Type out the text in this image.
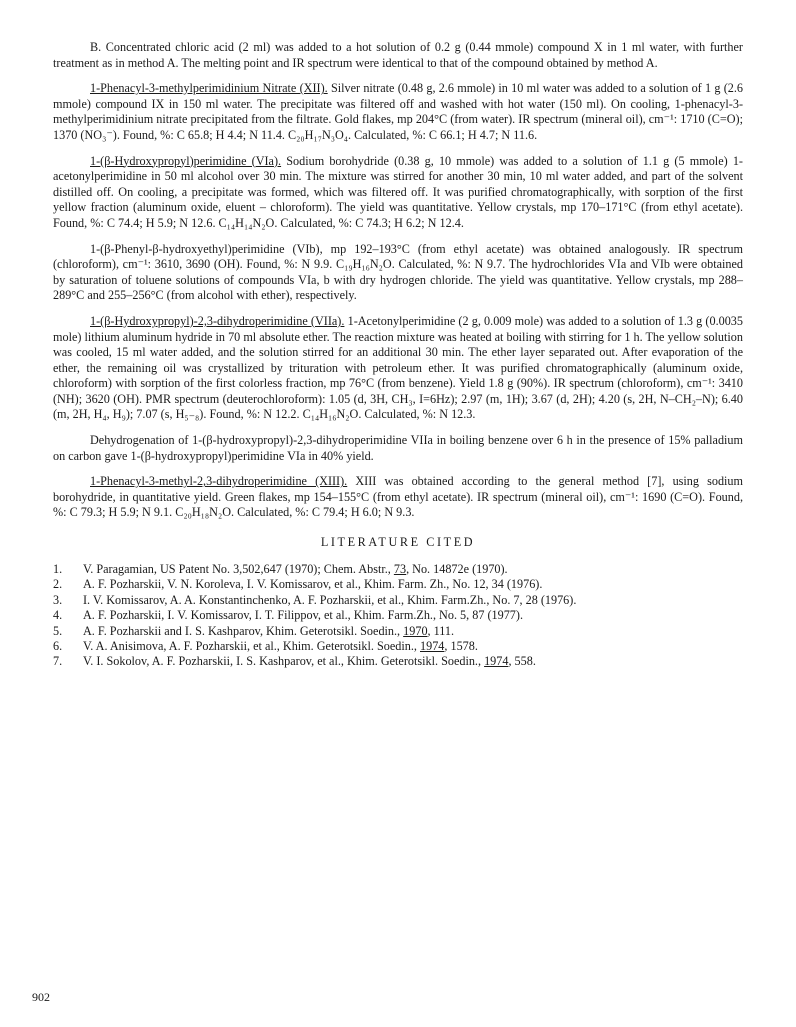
B. Concentrated chloric acid (2 ml) was added to a hot solution of 0.2 g (0.44 mmole) compound X in 1 ml water, with further treatment as in method A. The melting point and IR spectrum were identical to that of the compound obtained by method A.

1-Phenacyl-3-methylperimidinium Nitrate (XII). Silver nitrate (0.48 g, 2.6 mmole) in 10 ml water was added to a solution of 1 g (2.6 mmole) compound IX in 150 ml water. The precipitate was filtered off and washed with hot water (150 ml). On cooling, 1-phenacyl-3-methylperimidinium nitrate precipitated from the filtrate. Gold flakes, mp 204°C (from water). IR spectrum (mineral oil), cm⁻¹: 1710 (C=O); 1370 (NO₃⁻). Found, %: C 65.8; H 4.4; N 11.4. C₂₀H₁₇N₃O₄. Calculated, %: C 66.1; H 4.7; N 11.6.

1-(β-Hydroxypropyl)perimidine (VIa). Sodium borohydride (0.38 g, 10 mmole) was added to a solution of 1.1 g (5 mmole) 1-acetonylperimidine in 50 ml alcohol over 30 min. The mixture was stirred for another 30 min, 10 ml water added, and part of the solvent distilled off. On cooling, a precipitate was formed, which was filtered off. It was purified chromatographically, with sorption of the first yellow fraction (aluminum oxide, eluent – chloroform). The yield was quantitative. Yellow crystals, mp 170–171°C (from ethyl acetate). Found, %: C 74.4; H 5.9; N 12.6. C₁₄H₁₄N₂O. Calculated, %: C 74.3; H 6.2; N 12.4.

1-(β-Phenyl-β-hydroxyethyl)perimidine (VIb), mp 192–193°C (from ethyl acetate) was obtained analogously. IR spectrum (chloroform), cm⁻¹: 3610, 3690 (OH). Found, %: N 9.9. C₁₉H₁₆N₂O. Calculated, %: N 9.7. The hydrochlorides VIa and VIb were obtained by saturation of toluene solutions of compounds VIa, b with dry hydrogen chloride. The yield was quantitative. Yellow crystals, mp 288–289°C and 255–256°C (from alcohol with ether), respectively.

1-(β-Hydroxypropyl)-2,3-dihydroperimidine (VIIa). 1-Acetonylperimidine (2 g, 0.009 mole) was added to a solution of 1.3 g (0.0035 mole) lithium aluminum hydride in 70 ml absolute ether. The reaction mixture was heated at boiling with stirring for 1 h. The yellow solution was cooled, 15 ml water added, and the solution stirred for an additional 30 min. The ether layer separated out. After evaporation of the ether, the remaining oil was crystallized by trituration with petroleum ether. It was purified chromatographically (aluminum oxide, chloroform) with sorption of the first colorless fraction, mp 76°C (from benzene). Yield 1.8 g (90%). IR spectrum (chloroform), cm⁻¹: 3410 (NH); 3620 (OH). PMR spectrum (deuterochloroform): 1.05 (d, 3H, CH₃, I=6Hz); 2.97 (m, 1H); 3.67 (d, 2H); 4.20 (s, 2H, N–CH₂–N); 6.40 (m, 2H, H₄, H₉); 7.07 (s, H₅₋₈). Found, %: N 12.2. C₁₄H₁₆N₂O. Calculated, %: N 12.3.

Dehydrogenation of 1-(β-hydroxypropyl)-2,3-dihydroperimidine VIIa in boiling benzene over 6 h in the presence of 15% palladium on carbon gave 1-(β-hydroxypropyl)perimidine VIa in 40% yield.

1-Phenacyl-3-methyl-2,3-dihydroperimidine (XIII). XIII was obtained according to the general method [7], using sodium borohydride, in quantitative yield. Green flakes, mp 154–155°C (from ethyl acetate). IR spectrum (mineral oil), cm⁻¹: 1690 (C=O). Found, %: C 79.3; H 5.9; N 9.1. C₂₀H₁₈N₂O. Calculated, %: C 79.4; H 6.0; N 9.3.

LITERATURE CITED
1.	V. Paragamian, US Patent No. 3,502,647 (1970); Chem. Abstr., 73, No. 14872e (1970).
2.	A. F. Pozharskii, V. N. Koroleva, I. V. Komissarov, et al., Khim. Farm. Zh., No. 12, 34 (1976).
3.	I. V. Komissarov, A. A. Konstantinchenko, A. F. Pozharskii, et al., Khim. Farm.Zh., No. 7, 28 (1976).
4.	A. F. Pozharskii, I. V. Komissarov, I. T. Filippov, et al., Khim. Farm.Zh., No. 5, 87 (1977).
5.	A. F. Pozharskii and I. S. Kashparov, Khim. Geterotsikl. Soedin., 1970, 111.
6.	V. A. Anisimova, A. F. Pozharskii, et al., Khim. Geterotsikl. Soedin., 1974, 1578.
7.	V. I. Sokolov, A. F. Pozharskii, I. S. Kashparov, et al., Khim. Geterotsikl. Soedin., 1974, 558.
902
